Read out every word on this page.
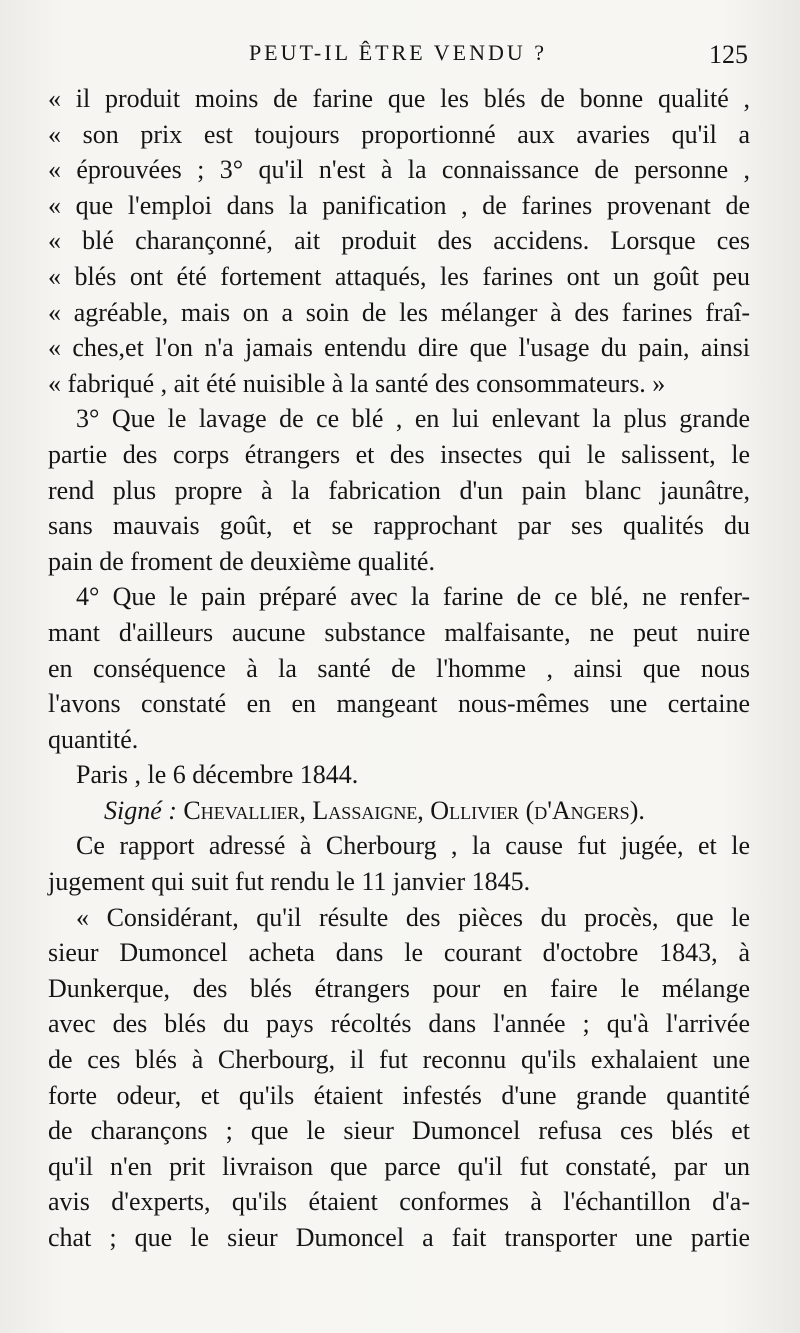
PEUT-IL ÊTRE VENDU ?	125
« il produit moins de farine que les blés de bonne qualité ,
« son prix est toujours proportionné aux avaries qu'il a
« éprouvées ; 3° qu'il n'est à la connaissance de personne ,
« que l'emploi dans la panification , de farines provenant de
« blé charançonné, ait produit des accidens. Lorsque ces
« blés ont été fortement attaqués, les farines ont un goût peu
« agréable, mais on a soin de les mélanger à des farines fraî-
« ches,et l'on n'a jamais entendu dire que l'usage du pain, ainsi
« fabriqué , ait été nuisible à la santé des consommateurs. »
3° Que le lavage de ce blé , en lui enlevant la plus grande
partie des corps étrangers et des insectes qui le salissent, le
rend plus propre à la fabrication d'un pain blanc jaunâtre,
sans mauvais goût, et se rapprochant par ses qualités du
pain de froment de deuxième qualité.
4° Que le pain préparé avec la farine de ce blé, ne renfer-
mant d'ailleurs aucune substance malfaisante, ne peut nuire
en conséquence à la santé de l'homme , ainsi que nous
l'avons constaté en en mangeant nous-mêmes une certaine
quantité.
Paris , le 6 décembre 1844.
Signé : Chevallier, Lassaigne, Ollivier (d'Angers).
Ce rapport adressé à Cherbourg , la cause fut jugée, et le
jugement qui suit fut rendu le 11 janvier 1845.
« Considérant, qu'il résulte des pièces du procès, que le
sieur Dumoncel acheta dans le courant d'octobre 1843, à
Dunkerque, des blés étrangers pour en faire le mélange
avec des blés du pays récoltés dans l'année ; qu'à l'arrivée
de ces blés à Cherbourg, il fut reconnu qu'ils exhalaient une
forte odeur, et qu'ils étaient infestés d'une grande quantité
de charançons ; que le sieur Dumoncel refusa ces blés et
qu'il n'en prit livraison que parce qu'il fut constaté, par un
avis d'experts, qu'ils étaient conformes à l'échantillon d'a-
chat ; que le sieur Dumoncel a fait transporter une partie
